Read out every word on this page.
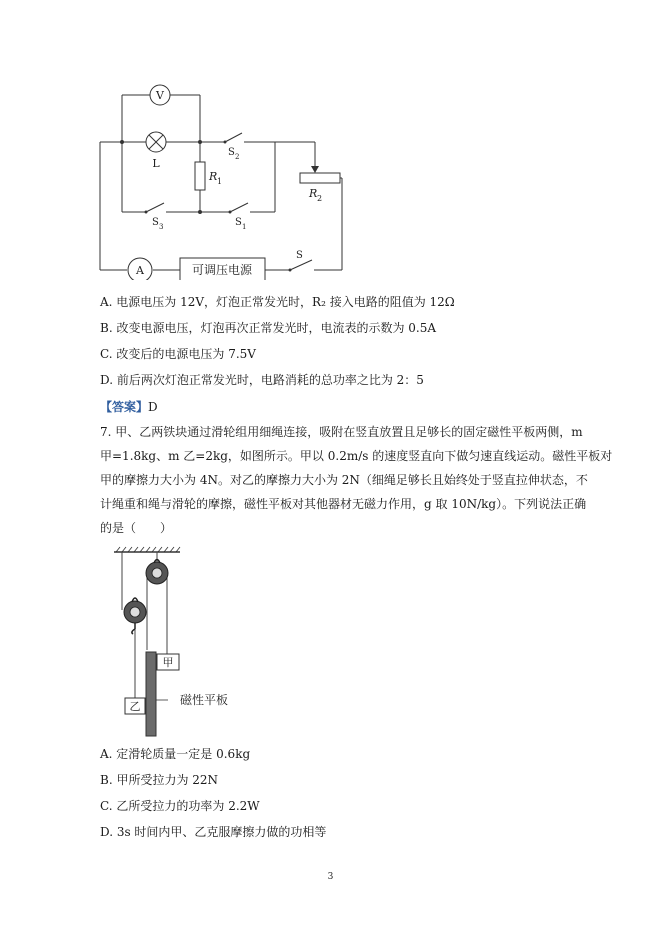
V
L
A	可调压电源
R 1
R 2
S 2
S 3	S 1
S
A. 电源电压为 12V，灯泡正常发光时，R₂ 接入电路的阻值为 12Ω
B. 改变电源电压，灯泡再次正常发光时，电流表的示数为 0.5A
C. 改变后的电源电压为 7.5V
D. 前后两次灯泡正常发光时，电路消耗的总功率之比为 2：5
【答案】D
7. 甲、乙两铁块通过滑轮组用细绳连接，吸附在竖直放置且足够长的固定磁性平板两侧，m
甲=1.8kg、m 乙=2kg，如图所示。甲以 0.2m/s 的速度竖直向下做匀速直线运动。磁性平板对
甲的摩擦力大小为 4N。对乙的摩擦力大小为 2N（细绳足够长且始终处于竖直拉伸状态，不
计绳重和绳与滑轮的摩擦，磁性平板对其他器材无磁力作用，g 取 10N/kg）。下列说法正确
的是（　　）
甲
乙	磁性平板
A. 定滑轮质量一定是 0.6kg
B. 甲所受拉力为 22N
C. 乙所受拉力的功率为 2.2W
D. 3s 时间内甲、乙克服摩擦力做的功相等
3
